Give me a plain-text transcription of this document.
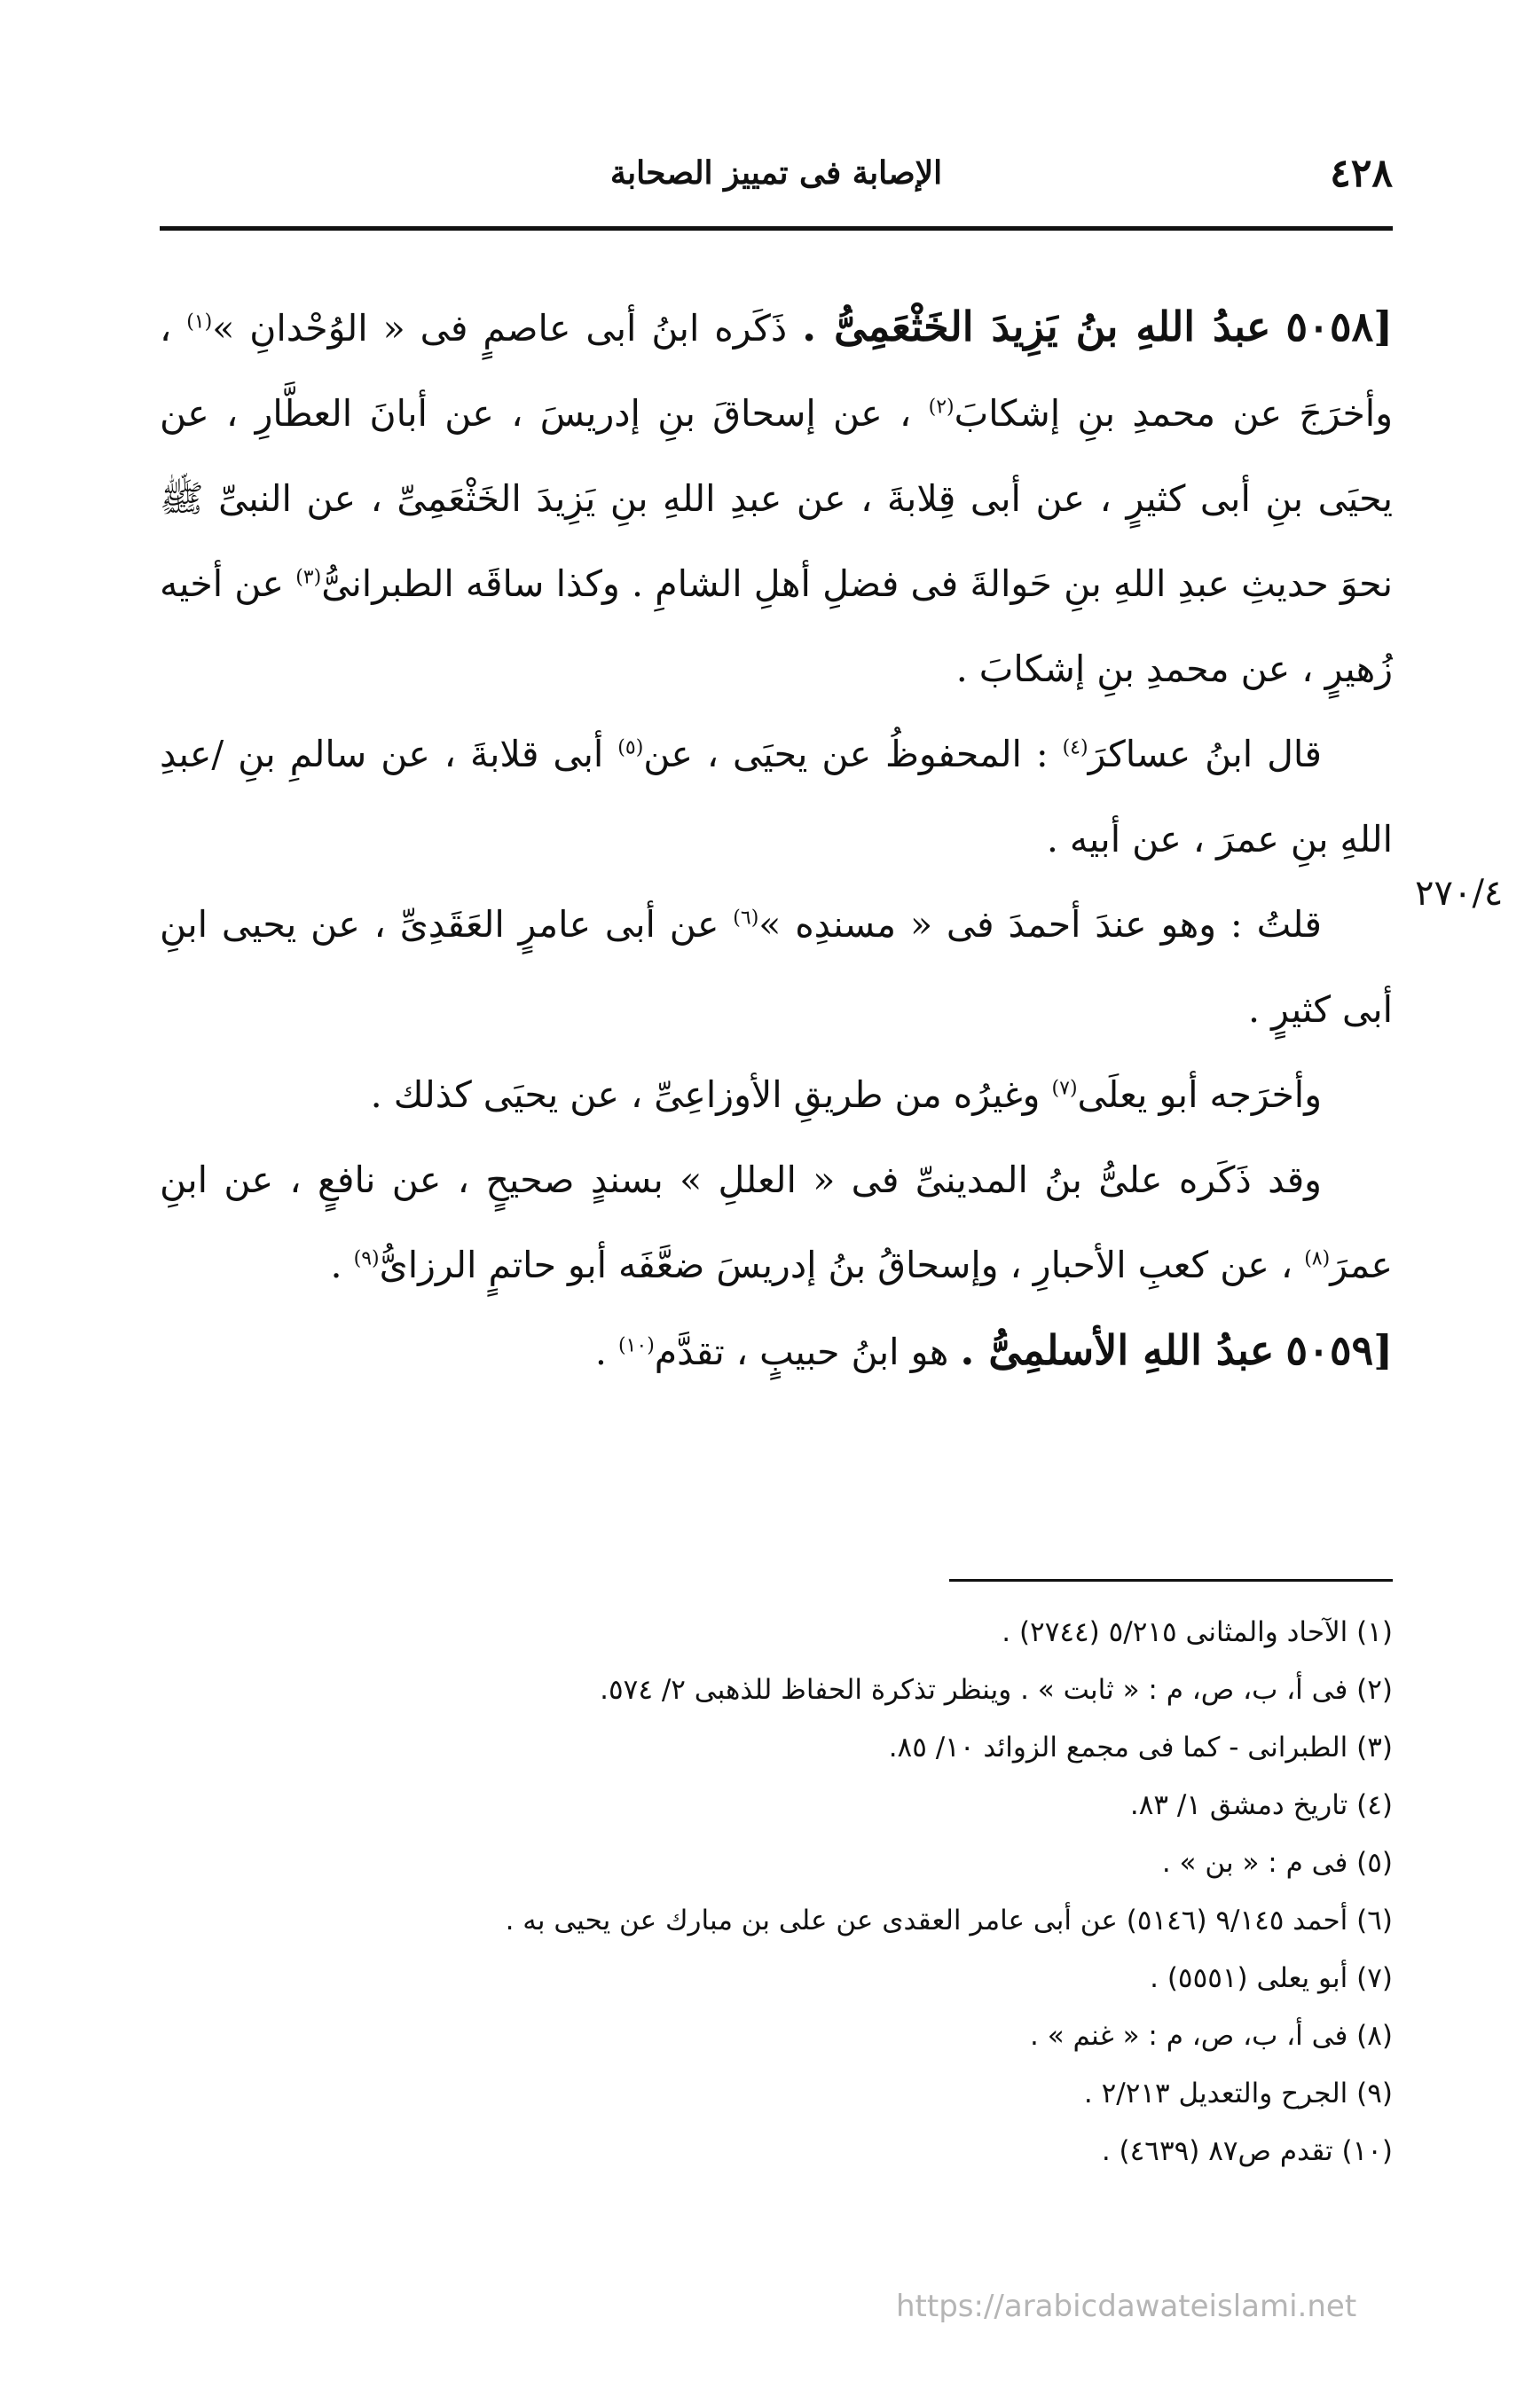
٤٢٨
الإصابة فى تمييز الصحابة
٢٧٠/٤

[٥٠٥٨ عبدُ اللهِ بنُ يَزِيدَ الخَثْعَمِىُّ . ذَكَره ابنُ أبى عاصمٍ فى « الوُحْدانِ »$^{(١)}$ ، وأخرَجَ عن محمدِ بنِ إشكابَ$^{(٢)}$ ، عن إسحاقَ بنِ إدريسَ ، عن أبانَ العطَّارِ ، عن يحيَى بنِ أبى كثيرٍ ، عن أبى قِلابةَ ، عن عبدِ اللهِ بنِ يَزِيدَ الخَثْعَمِىِّ ، عن النبىِّ ﷺ نحوَ حديثِ عبدِ اللهِ بنِ حَوالةَ فى فضلِ أهلِ الشامِ . وكذا ساقَه الطبرانىُّ$^{(٣)}$ عن أخيه زُهيرٍ ، عن محمدِ بنِ إشكابَ .

قال ابنُ عساكرَ$^{(٤)}$ : المحفوظُ عن يحيَى ، عن$^{(٥)}$ أبى قلابةَ ، عن سالمِ بنِ /عبدِ اللهِ بنِ عمرَ ، عن أبيه .

قلتُ : وهو عندَ أحمدَ فى « مسندِه »$^{(٦)}$ عن أبى عامرٍ العَقَدِىِّ ، عن يحيى ابنِ أبى كثيرٍ .

وأخرَجه أبو يعلَى$^{(٧)}$ وغيرُه من طريقِ الأوزاعِىِّ ، عن يحيَى كذلك .

وقد ذَكَره علىُّ بنُ المدينىِّ فى « العللِ » بسندٍ صحيحٍ ، عن نافعٍ ، عن ابنِ عمرَ$^{(٨)}$ ، عن كعبِ الأحبارِ ، وإسحاقُ بنُ إدريسَ ضعَّفَه أبو حاتمٍ الرزاىُّ$^{(٩)}$ .

[٥٠٥٩ عبدُ اللهِ الأسلمِىُّ . هو ابنُ حبيبٍ ، تقدَّم$^{(١٠)}$ .

(١) الآحاد والمثانى ٥/٢١٥ (٢٧٤٤) .

(٢) فى أ، ب، ص، م : « ثابت » . وينظر تذكرة الحفاظ للذهبى ٢/ ٥٧٤.

(٣) الطبرانى - كما فى مجمع الزوائد ١٠/ ٨٥.

(٤) تاريخ دمشق ١/ ٨٣.

(٥) فى م : « بن » .

(٦) أحمد ٩/١٤٥ (٥١٤٦) عن أبى عامر العقدى عن على بن مبارك عن يحيى به .

(٧) أبو يعلى (٥٥٥١) .

(٨) فى أ، ب، ص، م : « غنم » .

(٩) الجرح والتعديل ٢/٢١٣ .

(١٠) تقدم ص٨٧ (٤٦٣٩) .

https://arabicdawateislami.net
